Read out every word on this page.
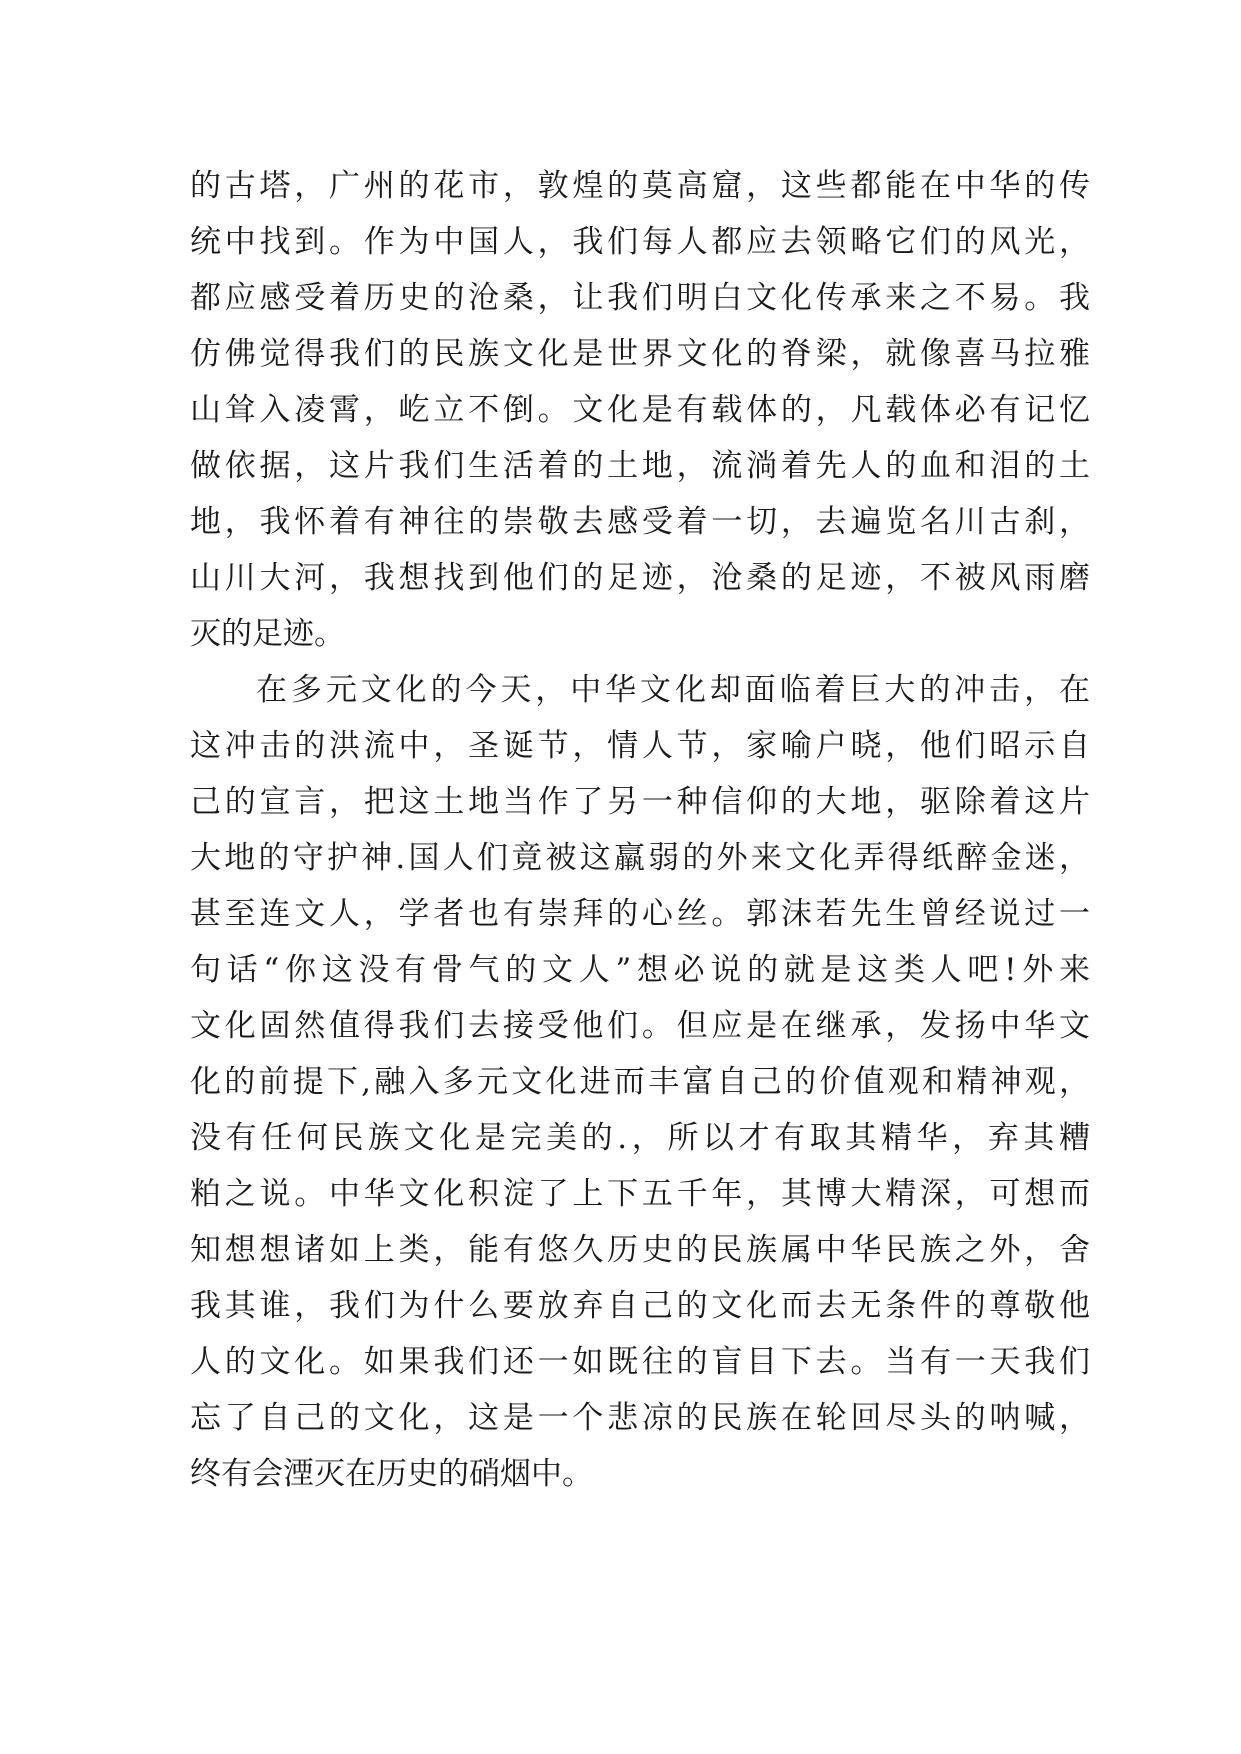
的古塔，广州的花市，敦煌的莫高窟，这些都能在中华的传
统中找到。作为中国人，我们每人都应去领略它们的风光，
都应感受着历史的沧桑，让我们明白文化传承来之不易。我
仿佛觉得我们的民族文化是世界文化的脊梁，就像喜马拉雅
山耸入凌霄，屹立不倒。文化是有载体的，凡载体必有记忆
做依据，这片我们生活着的土地，流淌着先人的血和泪的土
地，我怀着有神往的崇敬去感受着一切，去遍览名川古刹，
山川大河，我想找到他们的足迹，沧桑的足迹，不被风雨磨
灭的足迹。
在多元文化的今天，中华文化却面临着巨大的冲击，在
这冲击的洪流中，圣诞节，情人节，家喻户晓，他们昭示自
己的宣言，把这土地当作了另一种信仰的大地，驱除着这片
大地的守护神.国人们竟被这羸弱的外来文化弄得纸醉金迷，
甚至连文人，学者也有崇拜的心丝。郭沫若先生曾经说过一
句话“你这没有骨气的文人”想必说的就是这类人吧!外来
文化固然值得我们去接受他们。但应是在继承，发扬中华文
化的前提下,融入多元文化进而丰富自己的价值观和精神观，
没有任何民族文化是完美的.，所以才有取其精华，弃其糟
粕之说。中华文化积淀了上下五千年，其博大精深，可想而
知想想诸如上类，能有悠久历史的民族属中华民族之外，舍
我其谁，我们为什么要放弃自己的文化而去无条件的尊敬他
人的文化。如果我们还一如既往的盲目下去。当有一天我们
忘了自己的文化，这是一个悲凉的民族在轮回尽头的呐喊，
终有会湮灭在历史的硝烟中。
